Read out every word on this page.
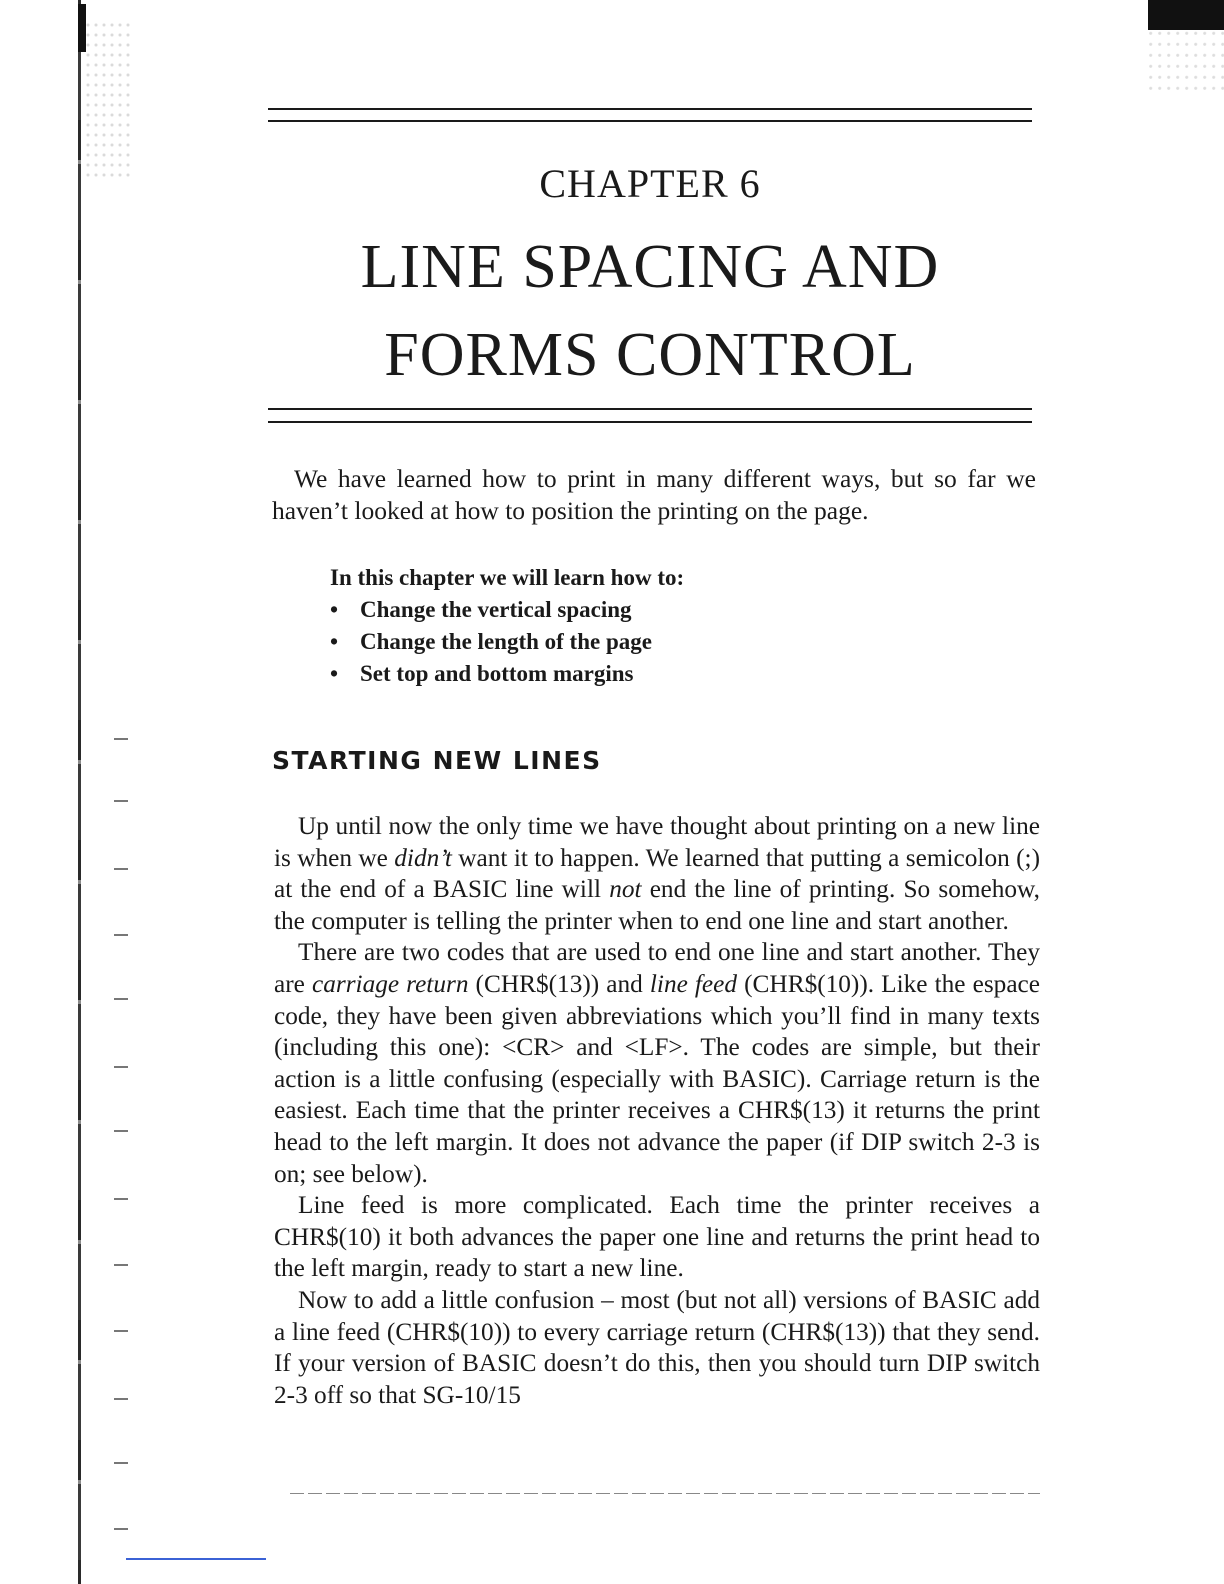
CHAPTER 6
LINE SPACING AND
FORMS CONTROL

We have learned how to print in many different ways, but so far we haven’t looked at how to position the printing on the page.

In this chapter we will learn how to:
• Change the vertical spacing
• Change the length of the page
• Set top and bottom margins
STARTING NEW LINES

Up until now the only time we have thought about printing on a new line is when we didn’t want it to happen. We learned that putting a semicolon (;) at the end of a BASIC line will not end the line of printing. So somehow, the computer is telling the printer when to end one line and start another.

There are two codes that are used to end one line and start another. They are carriage return (CHR$(13)) and line feed (CHR$(10)). Like the espace code, they have been given abbreviations which you’ll find in many texts (including this one): <CR> and <LF>. The codes are simple, but their action is a little confusing (especially with BASIC). Carriage return is the easiest. Each time that the printer receives a CHR$(13) it returns the print head to the left margin. It does not advance the paper (if DIP switch 2-3 is on; see below).

Line feed is more complicated. Each time the printer receives a CHR$(10) it both advances the paper one line and returns the print head to the left margin, ready to start a new line.

Now to add a little confusion – most (but not all) versions of BASIC add a line feed (CHR$(10)) to every carriage return (CHR$(13)) that they send. If your version of BASIC doesn’t do this, then you should turn DIP switch 2-3 off so that SG-10/15
